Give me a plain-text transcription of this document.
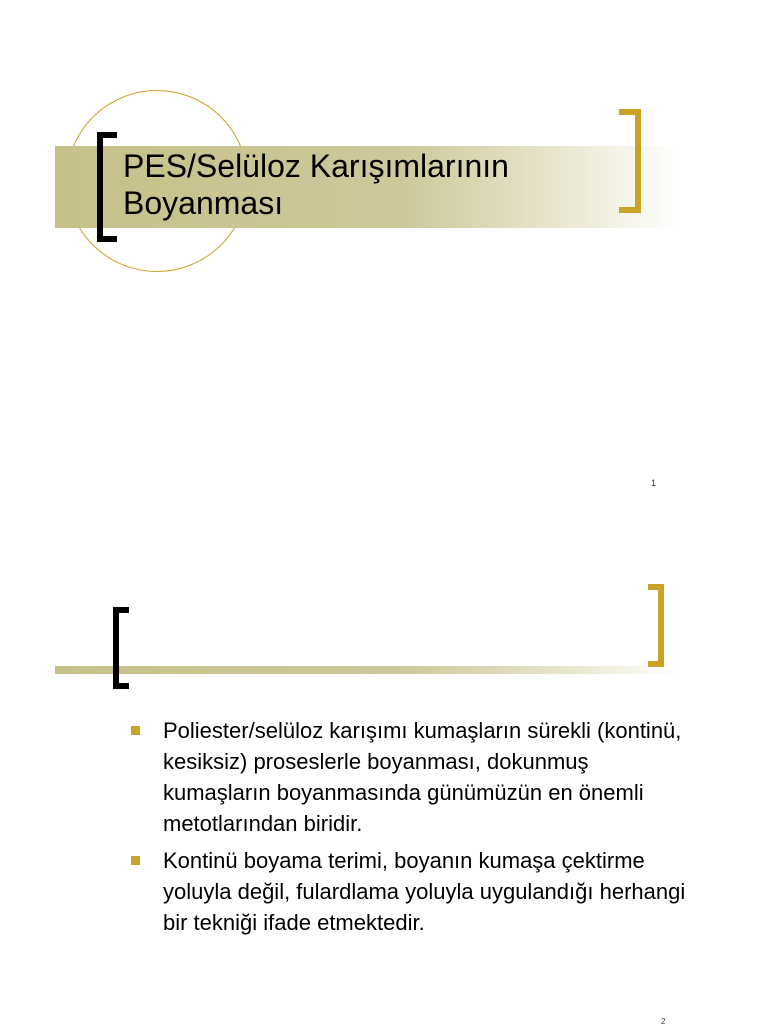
PES/Selüloz Karışımlarının
Boyanması
1
Poliester/selüloz karışımı kumaşların sürekli (kontinü, kesiksiz) proseslerle boyanması, dokunmuş kumaşların boyanmasında günümüzün en önemli metotlarından biridir.
Kontinü boyama terimi, boyanın kumaşa çektirme yoluyla değil, fulardlama yoluyla uygulandığı herhangi bir tekniği ifade etmektedir.
2
